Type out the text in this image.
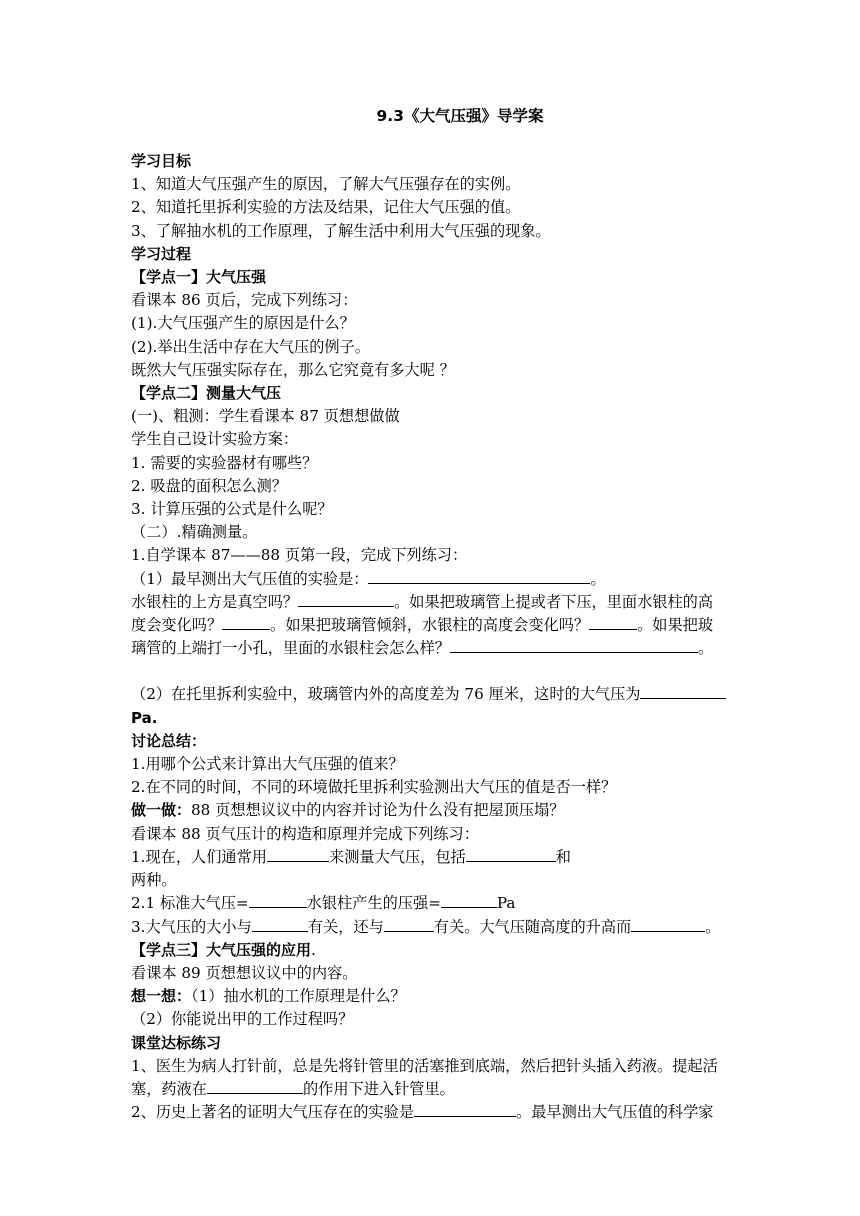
9.3《大气压强》导学案
学习目标
1、知道大气压强产生的原因，了解大气压强存在的实例。
2、知道托里拆利实验的方法及结果，记住大气压强的值。
3、了解抽水机的工作原理，了解生活中利用大气压强的现象。
学习过程
【学点一】大气压强
看课本 86 页后，完成下列练习：
(1).大气压强产生的原因是什么？
(2).举出生活中存在大气压的例子。
既然大气压强实际存在，那么它究竟有多大呢 ？
【学点二】测量大气压
(一)、粗测：学生看课本 87 页想想做做
学生自己设计实验方案：
1. 需要的实验器材有哪些？
2. 吸盘的面积怎么测？
3. 计算压强的公式是什么呢？
（二）.精确测量。
1.自学课本 87——88 页第一段，完成下列练习：
（1）最早测出大气压值的实验是：	。
水银柱的上方是真空吗？	。如果把玻璃管上提或者下压，里面水银柱的高
度会变化吗？	。如果把玻璃管倾斜，水银柱的高度会变化吗？	。如果把玻
璃管的上端打一小孔，里面的水银柱会怎么样？	。
（2）在托里拆利实验中，玻璃管内外的高度差为 76 厘米，这时的大气压为
Pa.
讨论总结：
1.用哪个公式来计算出大气压强的值来？
2.在不同的时间，不同的环境做托里拆利实验测出大气压的值是否一样？
做一做：88 页想想议议中的内容并讨论为什么没有把屋顶压塌？
看课本 88 页气压计的构造和原理并完成下列练习：
1.现在，人们通常用	来测量大气压，包括	和
两种。
2.1 标准大气压=	水银柱产生的压强=	Pa
3.大气压的大小与	有关，还与	有关。大气压随高度的升高而	。
【学点三】大气压强的应用.
看课本 89 页想想议议中的内容。
想一想：（1）抽水机的工作原理是什么？
（2）你能说出甲的工作过程吗？
课堂达标练习
1、医生为病人打针前，总是先将针管里的活塞推到底端，然后把针头插入药液。提起活
塞，药液在	的作用下进入针管里。
2、历史上著名的证明大气压存在的实验是	。最早测出大气压值的科学家
